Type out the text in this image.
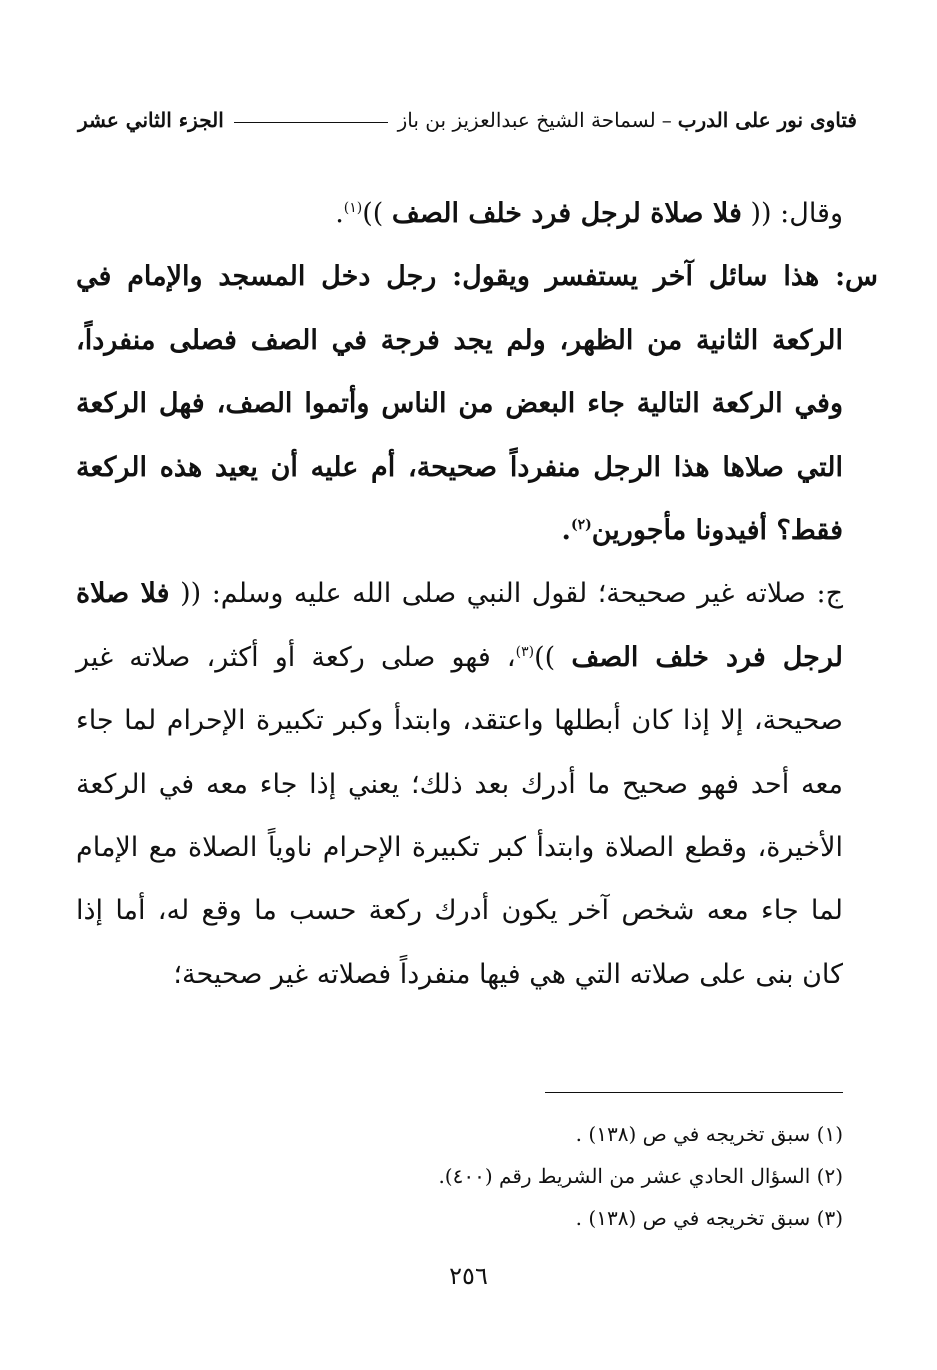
فتاوى نور على الدرب–لسماحة الشيخ عبدالعزيز بن باز
الجزء الثاني عشر

وقال: (( فلا صلاة لرجل فرد خلف الصف ))$^{(١)}$.

س: هذا سائل آخر يستفسر ويقول: رجل دخل المسجد والإمام في الركعة الثانية من الظهر، ولم يجد فرجة في الصف فصلى منفرداً، وفي الركعة التالية جاء البعض من الناس وأتموا الصف، فهل الركعة التي صلاها هذا الرجل منفرداً صحيحة، أم عليه أن يعيد هذه الركعة فقط؟ أفيدونا مأجورين$^{(٢)}$.

ج: صلاته غير صحيحة؛ لقول النبي صلى الله عليه وسلم: (( فلا صلاة لرجل فرد خلف الصف ))$^{(٣)}$، فهو صلى ركعة أو أكثر، صلاته غير صحيحة، إلا إذا كان أبطلها واعتقد، وابتدأ وكبر تكبيرة الإحرام لما جاء معه أحد فهو صحيح ما أدرك بعد ذلك؛ يعني إذا جاء معه في الركعة الأخيرة، وقطع الصلاة وابتدأ كبر تكبيرة الإحرام ناوياً الصلاة مع الإمام لما جاء معه شخص آخر يكون أدرك ركعة حسب ما وقع له، أما إذا كان بنى على صلاته التي هي فيها منفرداً فصلاته غير صحيحة؛

(١) سبق تخريجه في ص (١٣٨) .

(٢) السؤال الحادي عشر من الشريط رقم (٤٠٠).

(٣) سبق تخريجه في ص (١٣٨) .

٢٥٦
